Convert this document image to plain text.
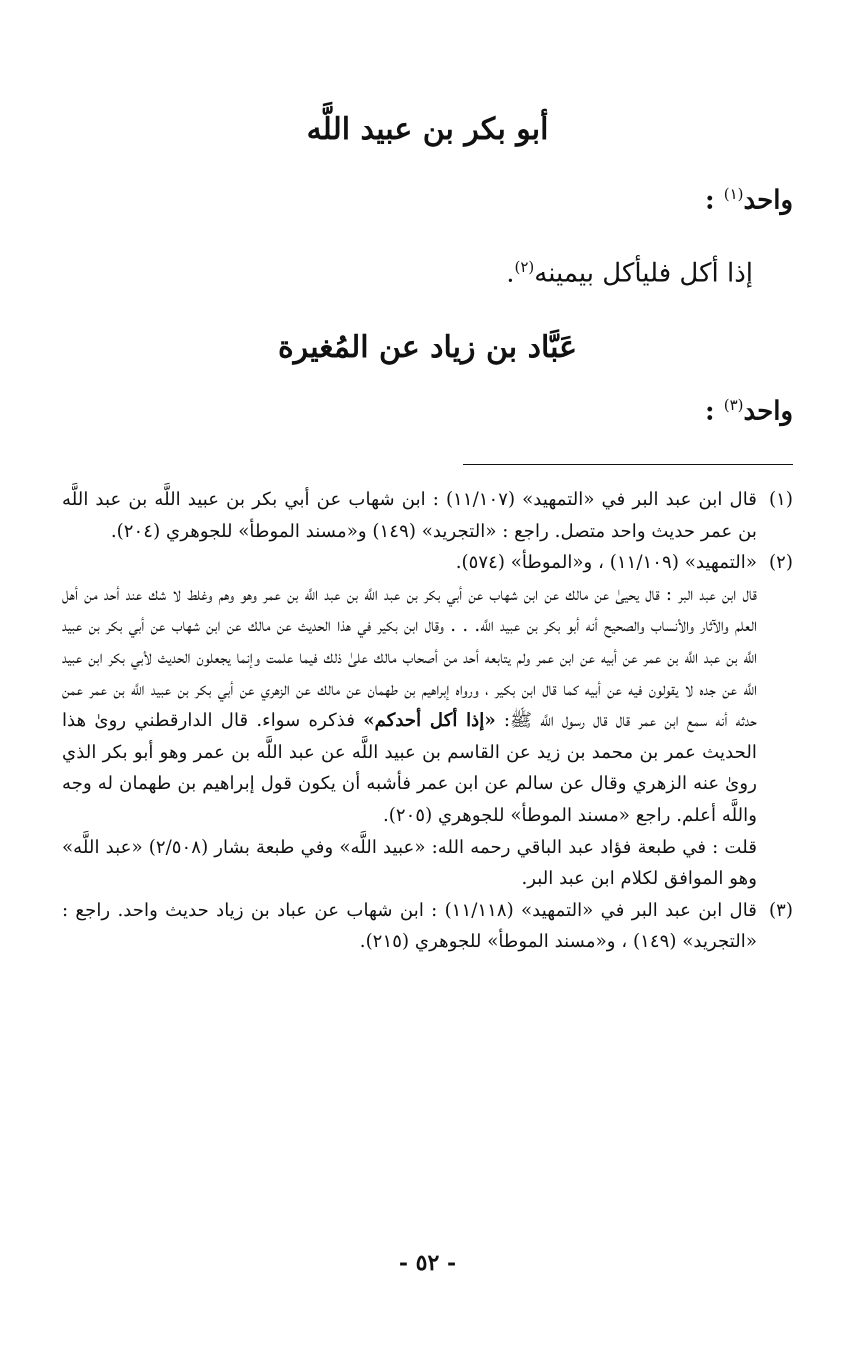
أبو بكر بن عبيد اللَّه
واحد$^{(١)}$ :
إذا أكل فليأكل بيمينه$^{(٢)}$.
عَبَّاد بن زياد عن المُغيرة
واحد$^{(٣)}$ :
(١)

قال ابن عبد البر في «التمهيد» (١١/١٠٧) : ابن شهاب عن أبي بكر بن عبيد اللَّه بن عبد اللَّه بن عمر حديث واحد متصل. راجع : «التجريد» (١٤٩) و«مسند الموطأ» للجوهري (٢٠٤).

(٢)

«التمهيد» (١١/١٠٩) ، و«الموطأ» (٥٧٤).

قال ابن عبد البر : قال يحيىٰ عن مالك عن ابن شهاب عن أبي بكر بن عبد اللَّه بن عبد اللَّه بن عمر وهو وهم وغلط لا شك عند أحد من أهل العلم والآثار والأنساب والصحيح أنه أبو بكر بن عبيد اللَّه. . . وقال ابن بكير في هذا الحديث عن مالك عن ابن شهاب عن أبي بكر بن عبيد اللَّه بن عبد اللَّه بن عمر عن أبيه عن ابن عمر ولم يتابعه أحد من أصحاب مالك علىٰ ذلك فيما علمت وإنما يجعلون الحديث لأبي بكر ابن عبيد اللَّه عن جده لا يقولون فيه عن أبيه كما قال ابن بكير ، ورواه إبراهيم بن طهمان عن مالك عن الزهري عن أبي بكر بن عبيد اللَّه بن عمر عمن حدثه أنه سمع ابن عمر قال قال رسول اللَّه ﷺ: «إذا أكل أحدكم» فذكره سواء. قال الدارقطني روىٰ هذا الحديث عمر بن محمد بن زيد عن القاسم بن عبيد اللَّه عن عبد اللَّه بن عمر وهو أبو بكر الذي روىٰ عنه الزهري وقال عن سالم عن ابن عمر فأشبه أن يكون قول إبراهيم بن طهمان له وجه واللَّه أعلم. راجع «مسند الموطأ» للجوهري (٢٠٥).

قلت : في طبعة فؤاد عبد الباقي رحمه الله: «عبيد اللَّه» وفي طبعة بشار (٢/٥٠٨) «عبد اللَّه» وهو الموافق لكلام ابن عبد البر.

(٣)

قال ابن عبد البر في «التمهيد» (١١/١١٨) : ابن شهاب عن عباد بن زياد حديث واحد. راجع : «التجريد» (١٤٩) ، و«مسند الموطأ» للجوهري (٢١٥).

- ٥٢ -
